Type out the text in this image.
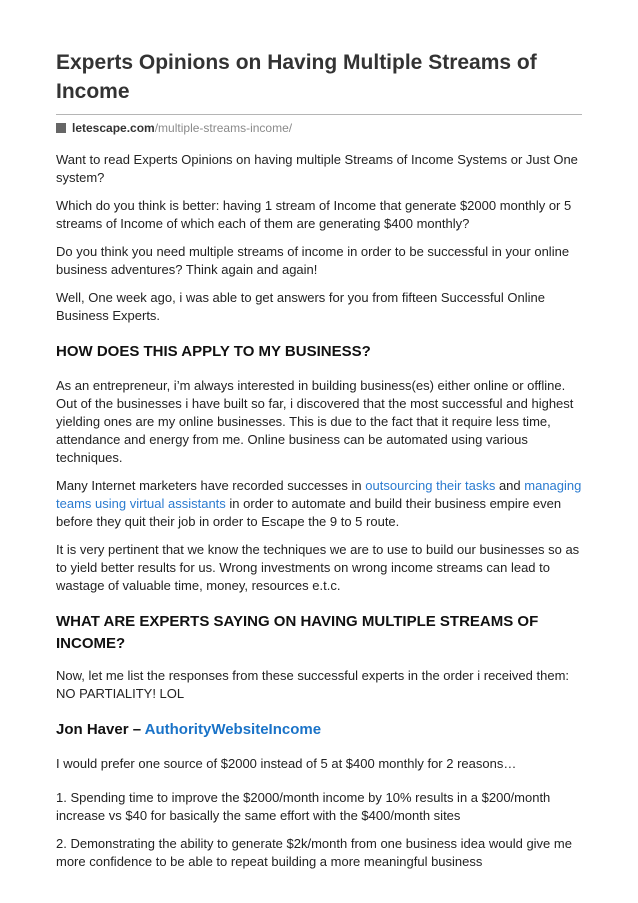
Experts Opinions on Having Multiple Streams of Income
letescape.com/multiple-streams-income/

Want to read Experts Opinions on having multiple Streams of Income Systems or Just One system?

Which do you think is better: having 1 stream of Income that generate $2000 monthly or 5 streams of Income of which each of them are generating $400 monthly?

Do you think you need multiple streams of income in order to be successful in your online business adventures? Think again and again!

Well, One week ago, i was able to get answers for you from fifteen Successful Online Business Experts.

HOW DOES THIS APPLY TO MY BUSINESS?

As an entrepreneur, i’m always interested in building business(es) either online or offline. Out of the businesses i have built so far, i discovered that the most successful and highest yielding ones are my online businesses. This is due to the fact that it require less time, attendance and energy from me. Online business can be automated using various techniques.

Many Internet marketers have recorded successes in outsourcing their tasks and managing teams using virtual assistants in order to automate and build their business empire even before they quit their job in order to Escape the 9 to 5 route.

It is very pertinent that we know the techniques we are to use to build our businesses so as to yield better results for us. Wrong investments on wrong income streams can lead to wastage of valuable time, money, resources e.t.c.

WHAT ARE EXPERTS SAYING ON HAVING MULTIPLE STREAMS OF INCOME?

Now, let me list the responses from these successful experts in the order i received them: NO PARTIALITY! LOL

Jon Haver – AuthorityWebsiteIncome

I would prefer one source of $2000 instead of 5 at $400 monthly for 2 reasons…

1. Spending time to improve the $2000/month income by 10% results in a $200/month increase vs $40 for basically the same effort with the $400/month sites

2. Demonstrating the ability to generate $2k/month from one business idea would give me more confidence to be able to repeat building a more meaningful business
